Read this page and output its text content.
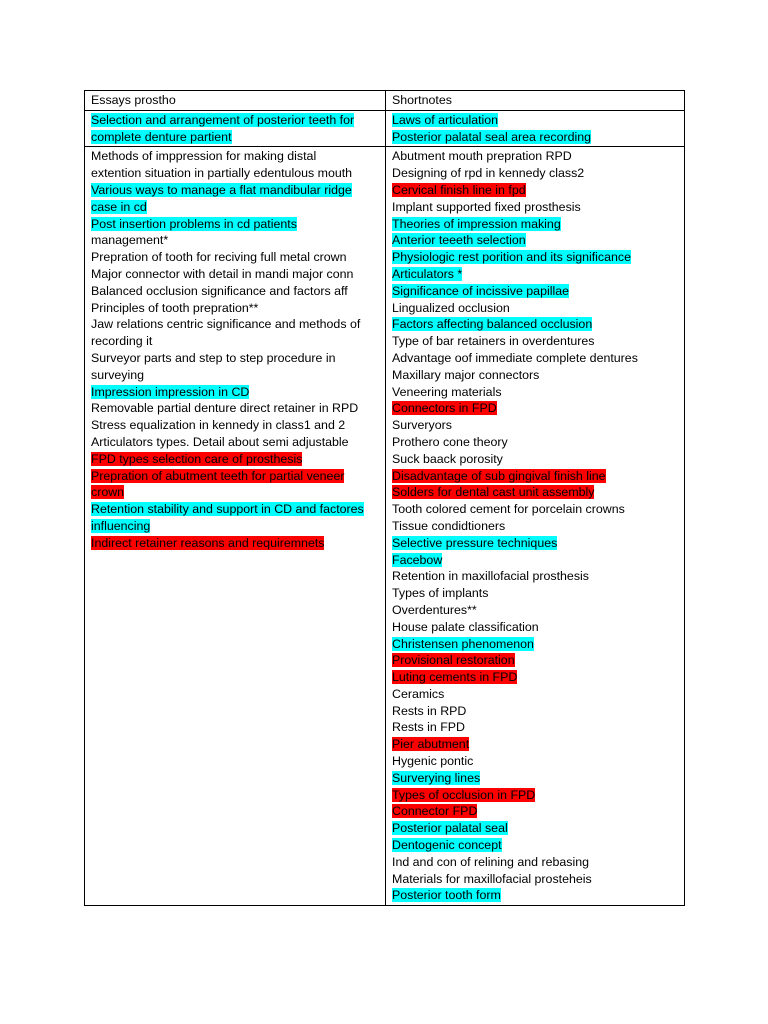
Essays prostho	Shortnotes
Selection and arrangement of posterior teeth for
complete denture partient
Laws of articulation
Posterior palatal seal area recording
Methods of imppression for making distal
extention situation in partially edentulous mouth
Various ways to manage a flat mandibular ridge
case in cd
Post insertion problems in cd patients
management*
Prepration of tooth for reciving full metal crown
Major connector with detail in mandi major conn
Balanced occlusion significance and factors aff
Principles of tooth prepration**
Jaw relations centric significance and methods of
recording it
Surveyor parts and step to step procedure in
surveying
Impression impression in CD
Removable partial denture direct retainer in RPD
Stress equalization in kennedy in class1 and 2
Articulators types. Detail about semi adjustable
FPD types selection care of prosthesis
Prepration of abutment teeth for partial veneer
crown
Retention stability and support in CD and factores
influencing
Indirect retainer reasons and requiremnets
Abutment mouth prepration RPD
Designing of rpd in kennedy class2
Cervical finish line in fpd
Implant supported fixed prosthesis
Theories of impression making
Anterior teeeth selection
Physiologic rest porition and its significance
Articulators *
Significance of incissive papillae
Lingualized occlusion
Factors affecting balanced occlusion
Type of bar retainers in overdentures
Advantage oof immediate complete dentures
Maxillary major connectors
Veneering materials
Connectors in FPD
Surveryors
Prothero cone theory
Suck baack porosity
Disadvantage of sub gingival finish line
Solders for dental cast unit assembly
Tooth colored cement for porcelain crowns
Tissue condidtioners
Selective pressure techniques
Facebow
Retention in maxillofacial prosthesis
Types of implants
Overdentures**
House palate classification
Christensen phenomenon
Provisional restoration
Luting cements in FPD
Ceramics
Rests in RPD
Rests in FPD
Pier abutment
Hygenic pontic
Surverying lines
Types of occlusion in FPD
Connector FPD
Posterior palatal seal
Dentogenic concept
Ind and con of relining and rebasing
Materials for maxillofacial prosteheis
Posterior tooth form
